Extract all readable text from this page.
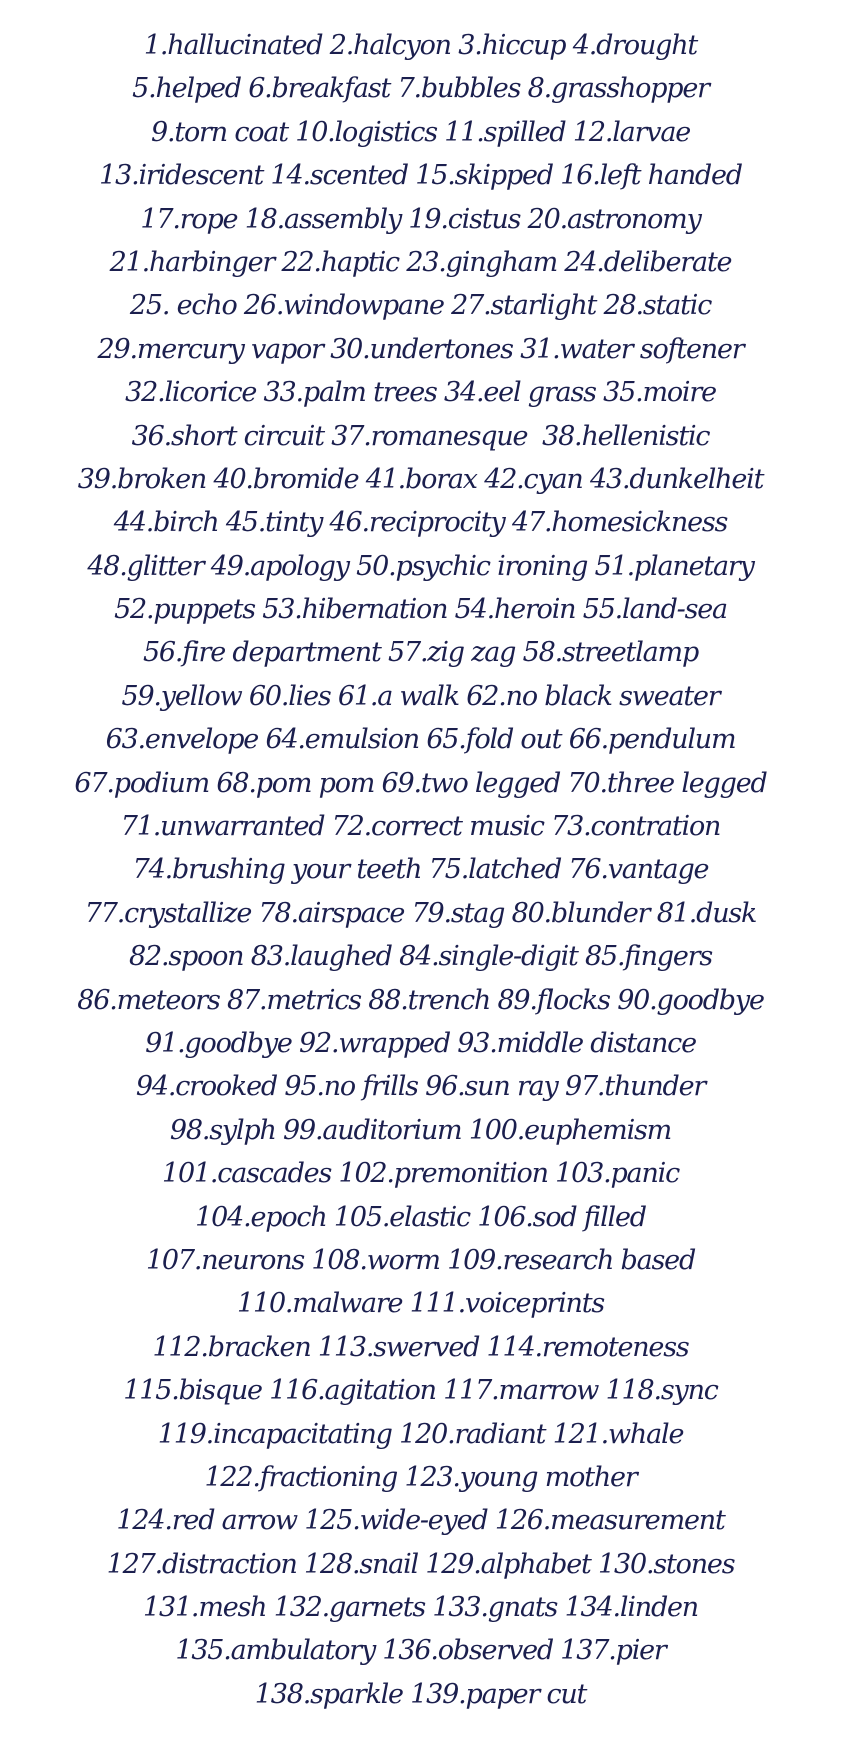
1.hallucinated 2.halcyon 3.hiccup 4.drought
5.helped 6.breakfast 7.bubbles 8.grasshopper
9.torn coat 10.logistics 11.spilled 12.larvae
13.iridescent 14.scented 15.skipped 16.left handed
17.rope 18.assembly 19.cistus 20.astronomy
21.harbinger 22.haptic 23.gingham 24.deliberate
25. echo 26.windowpane 27.starlight 28.static
29.mercury vapor 30.undertones 31.water softener
32.licorice 33.palm trees 34.eel grass 35.moire
36.short circuit 37.romanesque  38.hellenistic
39.broken 40.bromide 41.borax 42.cyan 43.dunkelheit
44.birch 45.tinty 46.reciprocity 47.homesickness
48.glitter 49.apology 50.psychic ironing 51.planetary
52.puppets 53.hibernation 54.heroin 55.land-sea
56.fire department 57.zig zag 58.streetlamp
59.yellow 60.lies 61.a walk 62.no black sweater
63.envelope 64.emulsion 65.fold out 66.pendulum
67.podium 68.pom pom 69.two legged 70.three legged
71.unwarranted 72.correct music 73.contration
74.brushing your teeth 75.latched 76.vantage
77.crystallize 78.airspace 79.stag 80.blunder 81.dusk
82.spoon 83.laughed 84.single-digit 85.fingers
86.meteors 87.metrics 88.trench 89.flocks 90.goodbye
91.goodbye 92.wrapped 93.middle distance
94.crooked 95.no frills 96.sun ray 97.thunder
98.sylph 99.auditorium 100.euphemism
101.cascades 102.premonition 103.panic
104.epoch 105.elastic 106.sod filled
107.neurons 108.worm 109.research based
110.malware 111.voiceprints
112.bracken 113.swerved 114.remoteness
115.bisque 116.agitation 117.marrow 118.sync
119.incapacitating 120.radiant 121.whale
122.fractioning 123.young mother
124.red arrow 125.wide-eyed 126.measurement
127.distraction 128.snail 129.alphabet 130.stones
131.mesh 132.garnets 133.gnats 134.linden
135.ambulatory 136.observed 137.pier
138.sparkle 139.paper cut
